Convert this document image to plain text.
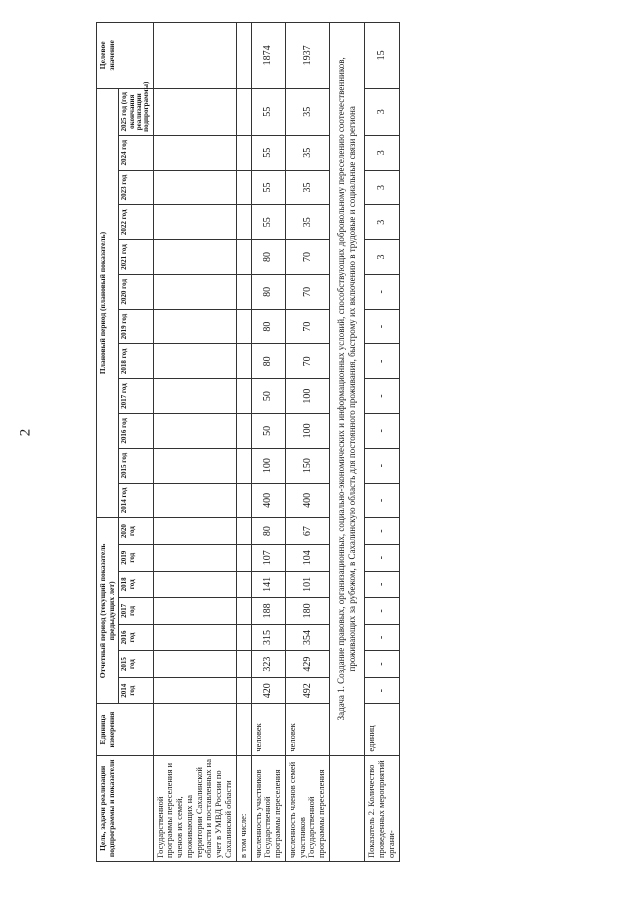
2
Цель, задачи реализации подпрограммы и показатели	Единица измерения	Отчетный период (текущий показатель предыдущих лет)							Плановый период (плановый показатель)												Целевое значение
		2014 год	2015 год	2016 год	2017 год	2018 год	2019 год	2020 год	2014 год	2015 год	2016 год	2017 год	2018 год	2019 год	2020 год	2021 год	2022 год	2023 год	2024 год	2025 год (год окончания реализации подпрограммы)	
Государственной программы переселения и членов их семей, проживающих на территории Сахалинской области и поставленных на учет в УМВД России по Сахалинской области																					
в том числе:																					
численность участников Государственной программы переселения	человек	420	323	315	188	141	107	80	400	100	50	50	80	80	80	80	55	55	55	55	1874
численность членов семей участников Государственной программы переселения	человек	492	429	354	180	101	104	67	400	150	100	100	70	70	70	70	35	35	35	35	1937
	Задача 1. Создание правовых, организационных, социально-экономических и информационных условий, способствующих добровольному переселению соотечественников, проживающих за рубежом, в Сахалинскую область для постоянного проживания, быстрому их включению в трудовые и социальные связи региона																				
Показатель 2. Количество проведенных мероприятий органи-	единиц	-	-	-	-	-	-	-	-	-	-	-	-	-	-	3	3	3	3	3	15
